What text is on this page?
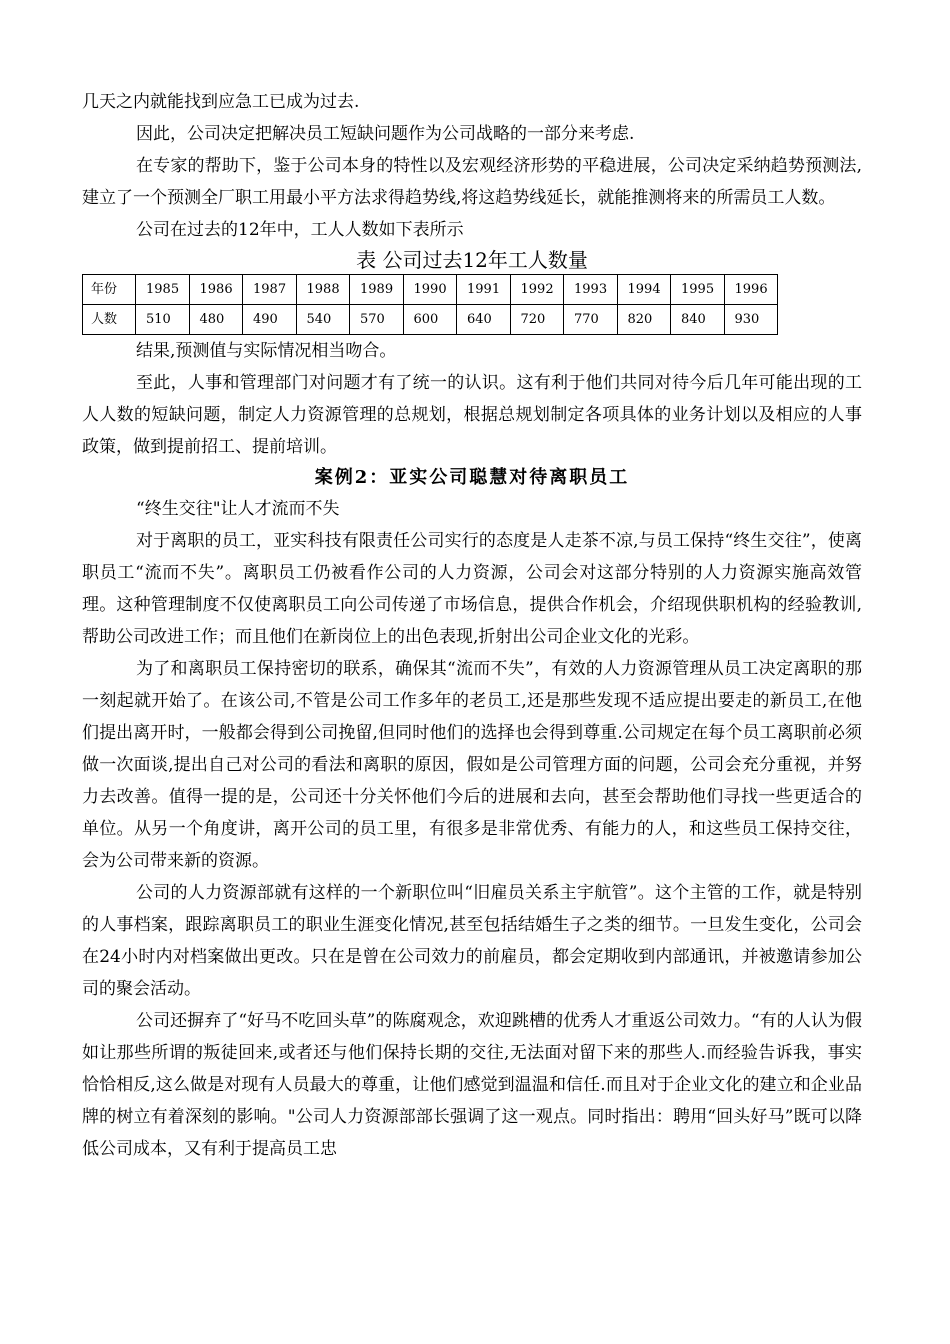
几天之内就能找到应急工已成为过去.

因此，公司决定把解决员工短缺问题作为公司战略的一部分来考虑.

在专家的帮助下，鉴于公司本身的特性以及宏观经济形势的平稳进展，公司决定采纳趋势预测法,建立了一个预测全厂职工用最小平方法求得趋势线,将这趋势线延长，就能推测将来的所需员工人数。

公司在过去的12年中，工人人数如下表所示

表 公司过去12年工人数量

年份	1985	1986	1987	1988	1989	1990	1991	1992	1993	1994	1995	1996
人数	510	480	490	540	570	600	640	720	770	820	840	930

结果,预测值与实际情况相当吻合。

至此，人事和管理部门对问题才有了统一的认识。这有利于他们共同对待今后几年可能出现的工人人数的短缺问题，制定人力资源管理的总规划，根据总规划制定各项具体的业务计划以及相应的人事政策，做到提前招工、提前培训。

案例2：亚实公司聪慧对待离职员工

“终生交往"让人才流而不失

对于离职的员工，亚实科技有限责任公司实行的态度是人走茶不凉,与员工保持“终生交往”，使离职员工“流而不失”。离职员工仍被看作公司的人力资源，公司会对这部分特别的人力资源实施高效管理。这种管理制度不仅使离职员工向公司传递了市场信息，提供合作机会，介绍现供职机构的经验教训,帮助公司改进工作；而且他们在新岗位上的出色表现,折射出公司企业文化的光彩。

为了和离职员工保持密切的联系，确保其“流而不失”，有效的人力资源管理从员工决定离职的那一刻起就开始了。在该公司,不管是公司工作多年的老员工,还是那些发现不适应提出要走的新员工,在他们提出离开时，一般都会得到公司挽留,但同时他们的选择也会得到尊重.公司规定在每个员工离职前必须做一次面谈,提出自己对公司的看法和离职的原因，假如是公司管理方面的问题，公司会充分重视，并努力去改善。值得一提的是，公司还十分关怀他们今后的进展和去向，甚至会帮助他们寻找一些更适合的单位。从另一个角度讲，离开公司的员工里，有很多是非常优秀、有能力的人，和这些员工保持交往，会为公司带来新的资源。

公司的人力资源部就有这样的一个新职位叫“旧雇员关系主宇航管”。这个主管的工作，就是特别的人事档案，跟踪离职员工的职业生涯变化情况,甚至包括结婚生子之类的细节。一旦发生变化，公司会在24小时内对档案做出更改。只在是曾在公司效力的前雇员，都会定期收到内部通讯，并被邀请参加公司的聚会活动。

公司还摒弃了“好马不吃回头草”的陈腐观念，欢迎跳槽的优秀人才重返公司效力。“有的人认为假如让那些所谓的叛徒回来,或者还与他们保持长期的交往,无法面对留下来的那些人.而经验告诉我，事实恰恰相反,这么做是对现有人员最大的尊重，让他们感觉到温温和信任.而且对于企业文化的建立和企业品牌的树立有着深刻的影响。"公司人力资源部部长强调了这一观点。同时指出：聘用“回头好马”既可以降低公司成本，又有利于提高员工忠
